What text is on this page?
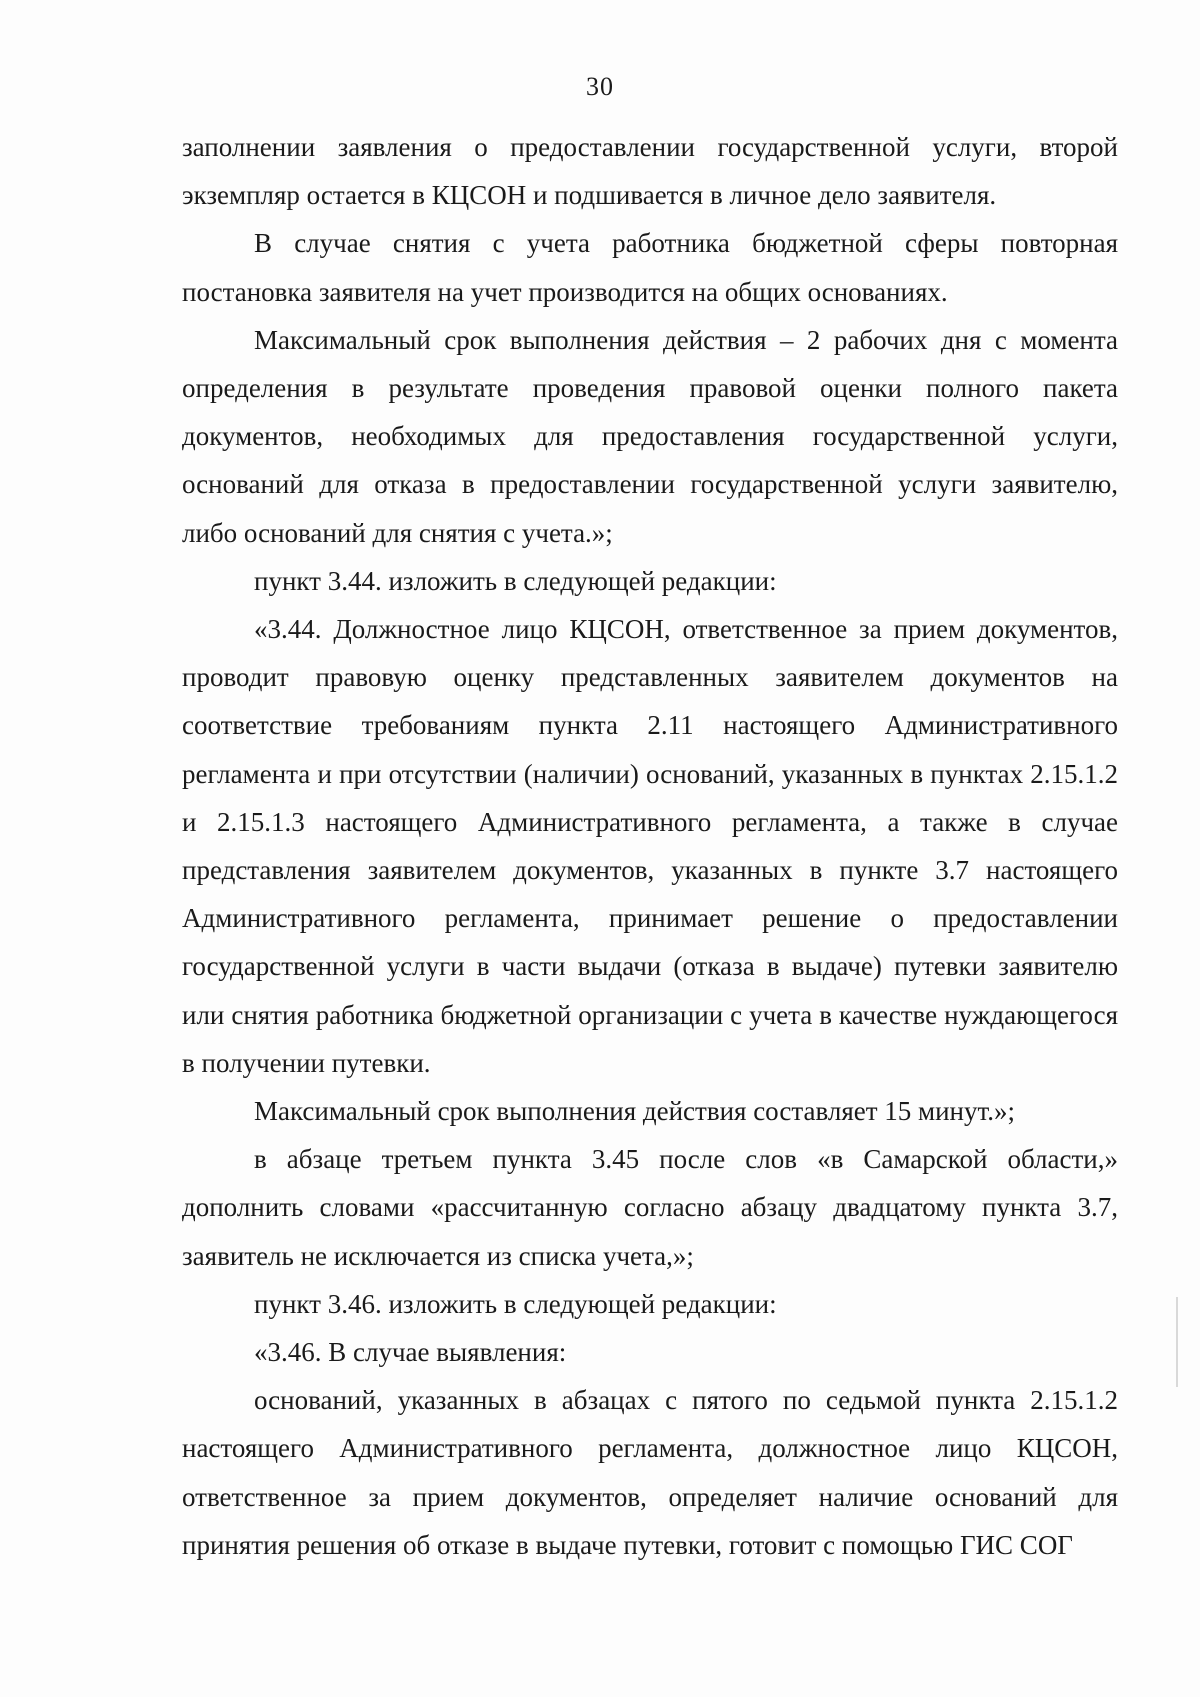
30

заполнении заявления о предоставлении государственной услуги, второй экземпляр остается в КЦСОН и подшивается в личное дело заявителя.

В случае снятия с учета работника бюджетной сферы повторная постановка заявителя на учет производится на общих основаниях.

Максимальный срок выполнения действия – 2 рабочих дня с момента определения в результате проведения правовой оценки полного пакета документов, необходимых для предоставления государственной услуги, оснований для отказа в предоставлении государственной услуги заявителю, либо оснований для снятия с учета.»;

пункт 3.44. изложить в следующей редакции:

«3.44. Должностное лицо КЦСОН, ответственное за прием документов, проводит правовую оценку представленных заявителем документов на соответствие требованиям пункта 2.11 настоящего Административного регламента и при отсутствии (наличии) оснований, указанных в пунктах 2.15.1.2 и 2.15.1.3 настоящего Административного регламента, а также в случае представления заявителем документов, указанных в пункте 3.7 настоящего Административного регламента, принимает решение о предоставлении государственной услуги в части выдачи (отказа в выдаче) путевки заявителю или снятия работника бюджетной организации с учета в качестве нуждающегося в получении путевки.

Максимальный срок выполнения действия составляет 15 минут.»;

в абзаце третьем пункта 3.45 после слов «в Самарской области,» дополнить словами «рассчитанную согласно абзацу двадцатому пункта 3.7, заявитель не исключается из списка учета,»;

пункт 3.46. изложить в следующей редакции:

«3.46. В случае выявления:

оснований, указанных в абзацах с пятого по седьмой пункта 2.15.1.2 настоящего Административного регламента, должностное лицо КЦСОН, ответственное за прием документов, определяет наличие оснований для принятия решения об отказе в выдаче путевки, готовит с помощью ГИС СОГ
